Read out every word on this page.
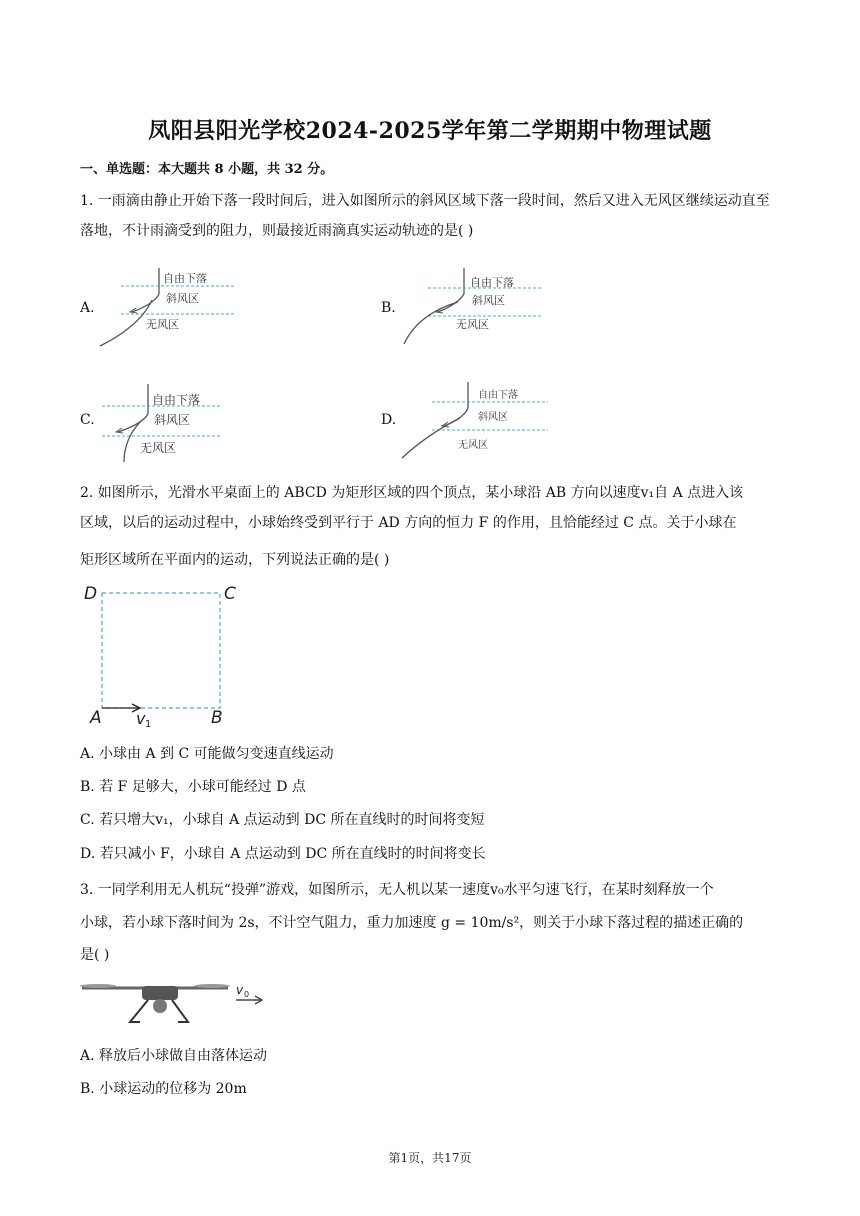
凤阳县阳光学校2024-2025学年第二学期期中物理试题
一、单选题：本大题共 8 小题，共 32 分。
1. 一雨滴由静止开始下落一段时间后，进入如图所示的斜风区域下落一段时间，然后又进入无风区继续运动直至落地，不计雨滴受到的阻力，则最接近雨滴真实运动轨迹的是( )
A.	B.
C.	D.
自由下落
斜风区
无风区
自由下落
斜风区
无风区
自由下落
斜风区
无风区
自由下落
斜风区
无风区
2. 如图所示，光滑水平桌面上的 ABCD 为矩形区域的四个顶点，某小球沿 AB 方向以速度v₁自 A 点进入该
区域，以后的运动过程中，小球始终受到平行于 AD 方向的恒力 F 的作用，且恰能经过 C 点。关于小球在
矩形区域所在平面内的运动，下列说法正确的是( )
D	C
A	B
v 1
A. 小球由 A 到 C 可能做匀变速直线运动
B. 若 F 足够大，小球可能经过 D 点
C. 若只增大v₁，小球自 A 点运动到 DC 所在直线时的时间将变短
D. 若只减小 F，小球自 A 点运动到 DC 所在直线时的时间将变长
3. 一同学利用无人机玩“投弹”游戏，如图所示，无人机以某一速度v₀水平匀速飞行，在某时刻释放一个
小球，若小球下落时间为 2s，不计空气阻力，重力加速度 g = 10m/s²，则关于小球下落过程的描述正确的
是( )
v 0
A. 释放后小球做自由落体运动
B. 小球运动的位移为 20m
第1页，共17页
